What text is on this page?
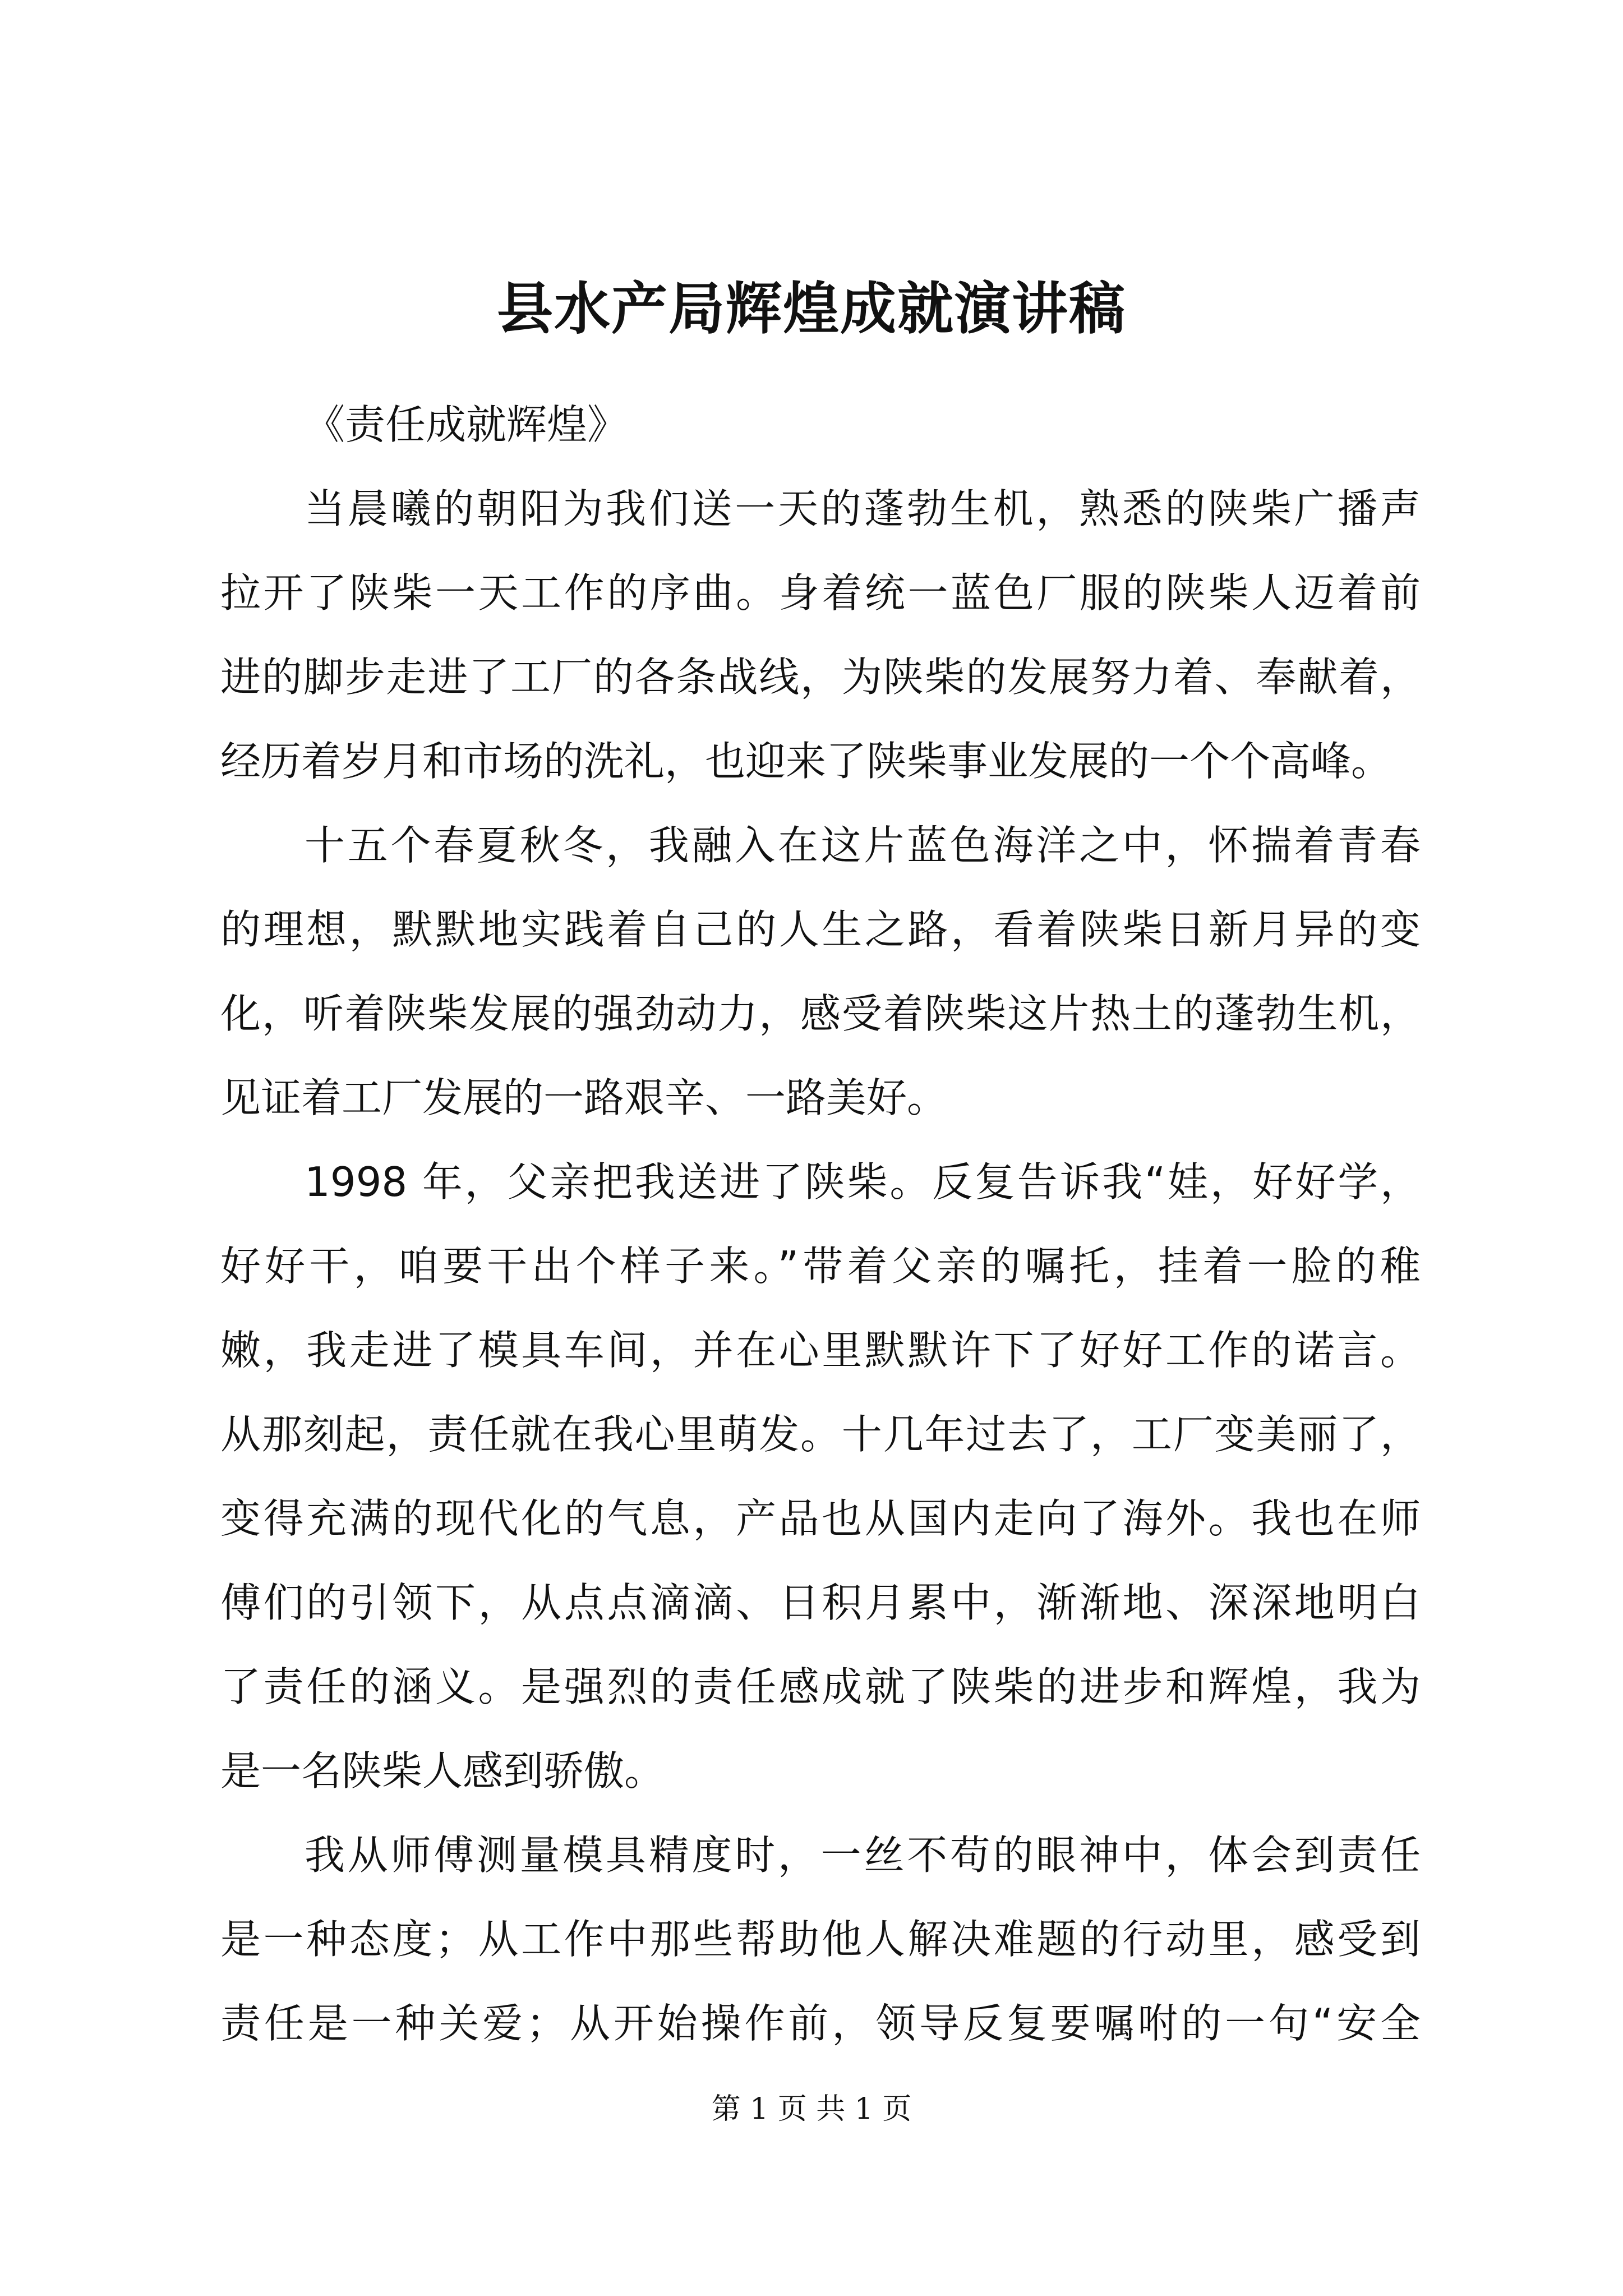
县水产局辉煌成就演讲稿

《责任成就辉煌》

当晨曦的朝阳为我们送一天的蓬勃生机，熟悉的陕柴广播声
拉开了陕柴一天工作的序曲。身着统一蓝色厂服的陕柴人迈着前
进的脚步走进了工厂的各条战线，为陕柴的发展努力着、奉献着，
经历着岁月和市场的洗礼，也迎来了陕柴事业发展的一个个高峰。

十五个春夏秋冬，我融入在这片蓝色海洋之中，怀揣着青春
的理想，默默地实践着自己的人生之路，看着陕柴日新月异的变
化，听着陕柴发展的强劲动力，感受着陕柴这片热土的蓬勃生机，
见证着工厂发展的一路艰辛、一路美好。

1998 年，父亲把我送进了陕柴。反复告诉我“娃，好好学，
好好干，咱要干出个样子来。”带着父亲的嘱托，挂着一脸的稚
嫩，我走进了模具车间，并在心里默默许下了好好工作的诺言。
从那刻起，责任就在我心里萌发。十几年过去了，工厂变美丽了，
变得充满的现代化的气息，产品也从国内走向了海外。我也在师
傅们的引领下，从点点滴滴、日积月累中，渐渐地、深深地明白
了责任的涵义。是强烈的责任感成就了陕柴的进步和辉煌，我为
是一名陕柴人感到骄傲。

我从师傅测量模具精度时，一丝不苟的眼神中，体会到责任
是一种态度；从工作中那些帮助他人解决难题的行动里，感受到
责任是一种关爱；从开始操作前，领导反复要嘱咐的一句“安全

第 1 页 共 1 页
